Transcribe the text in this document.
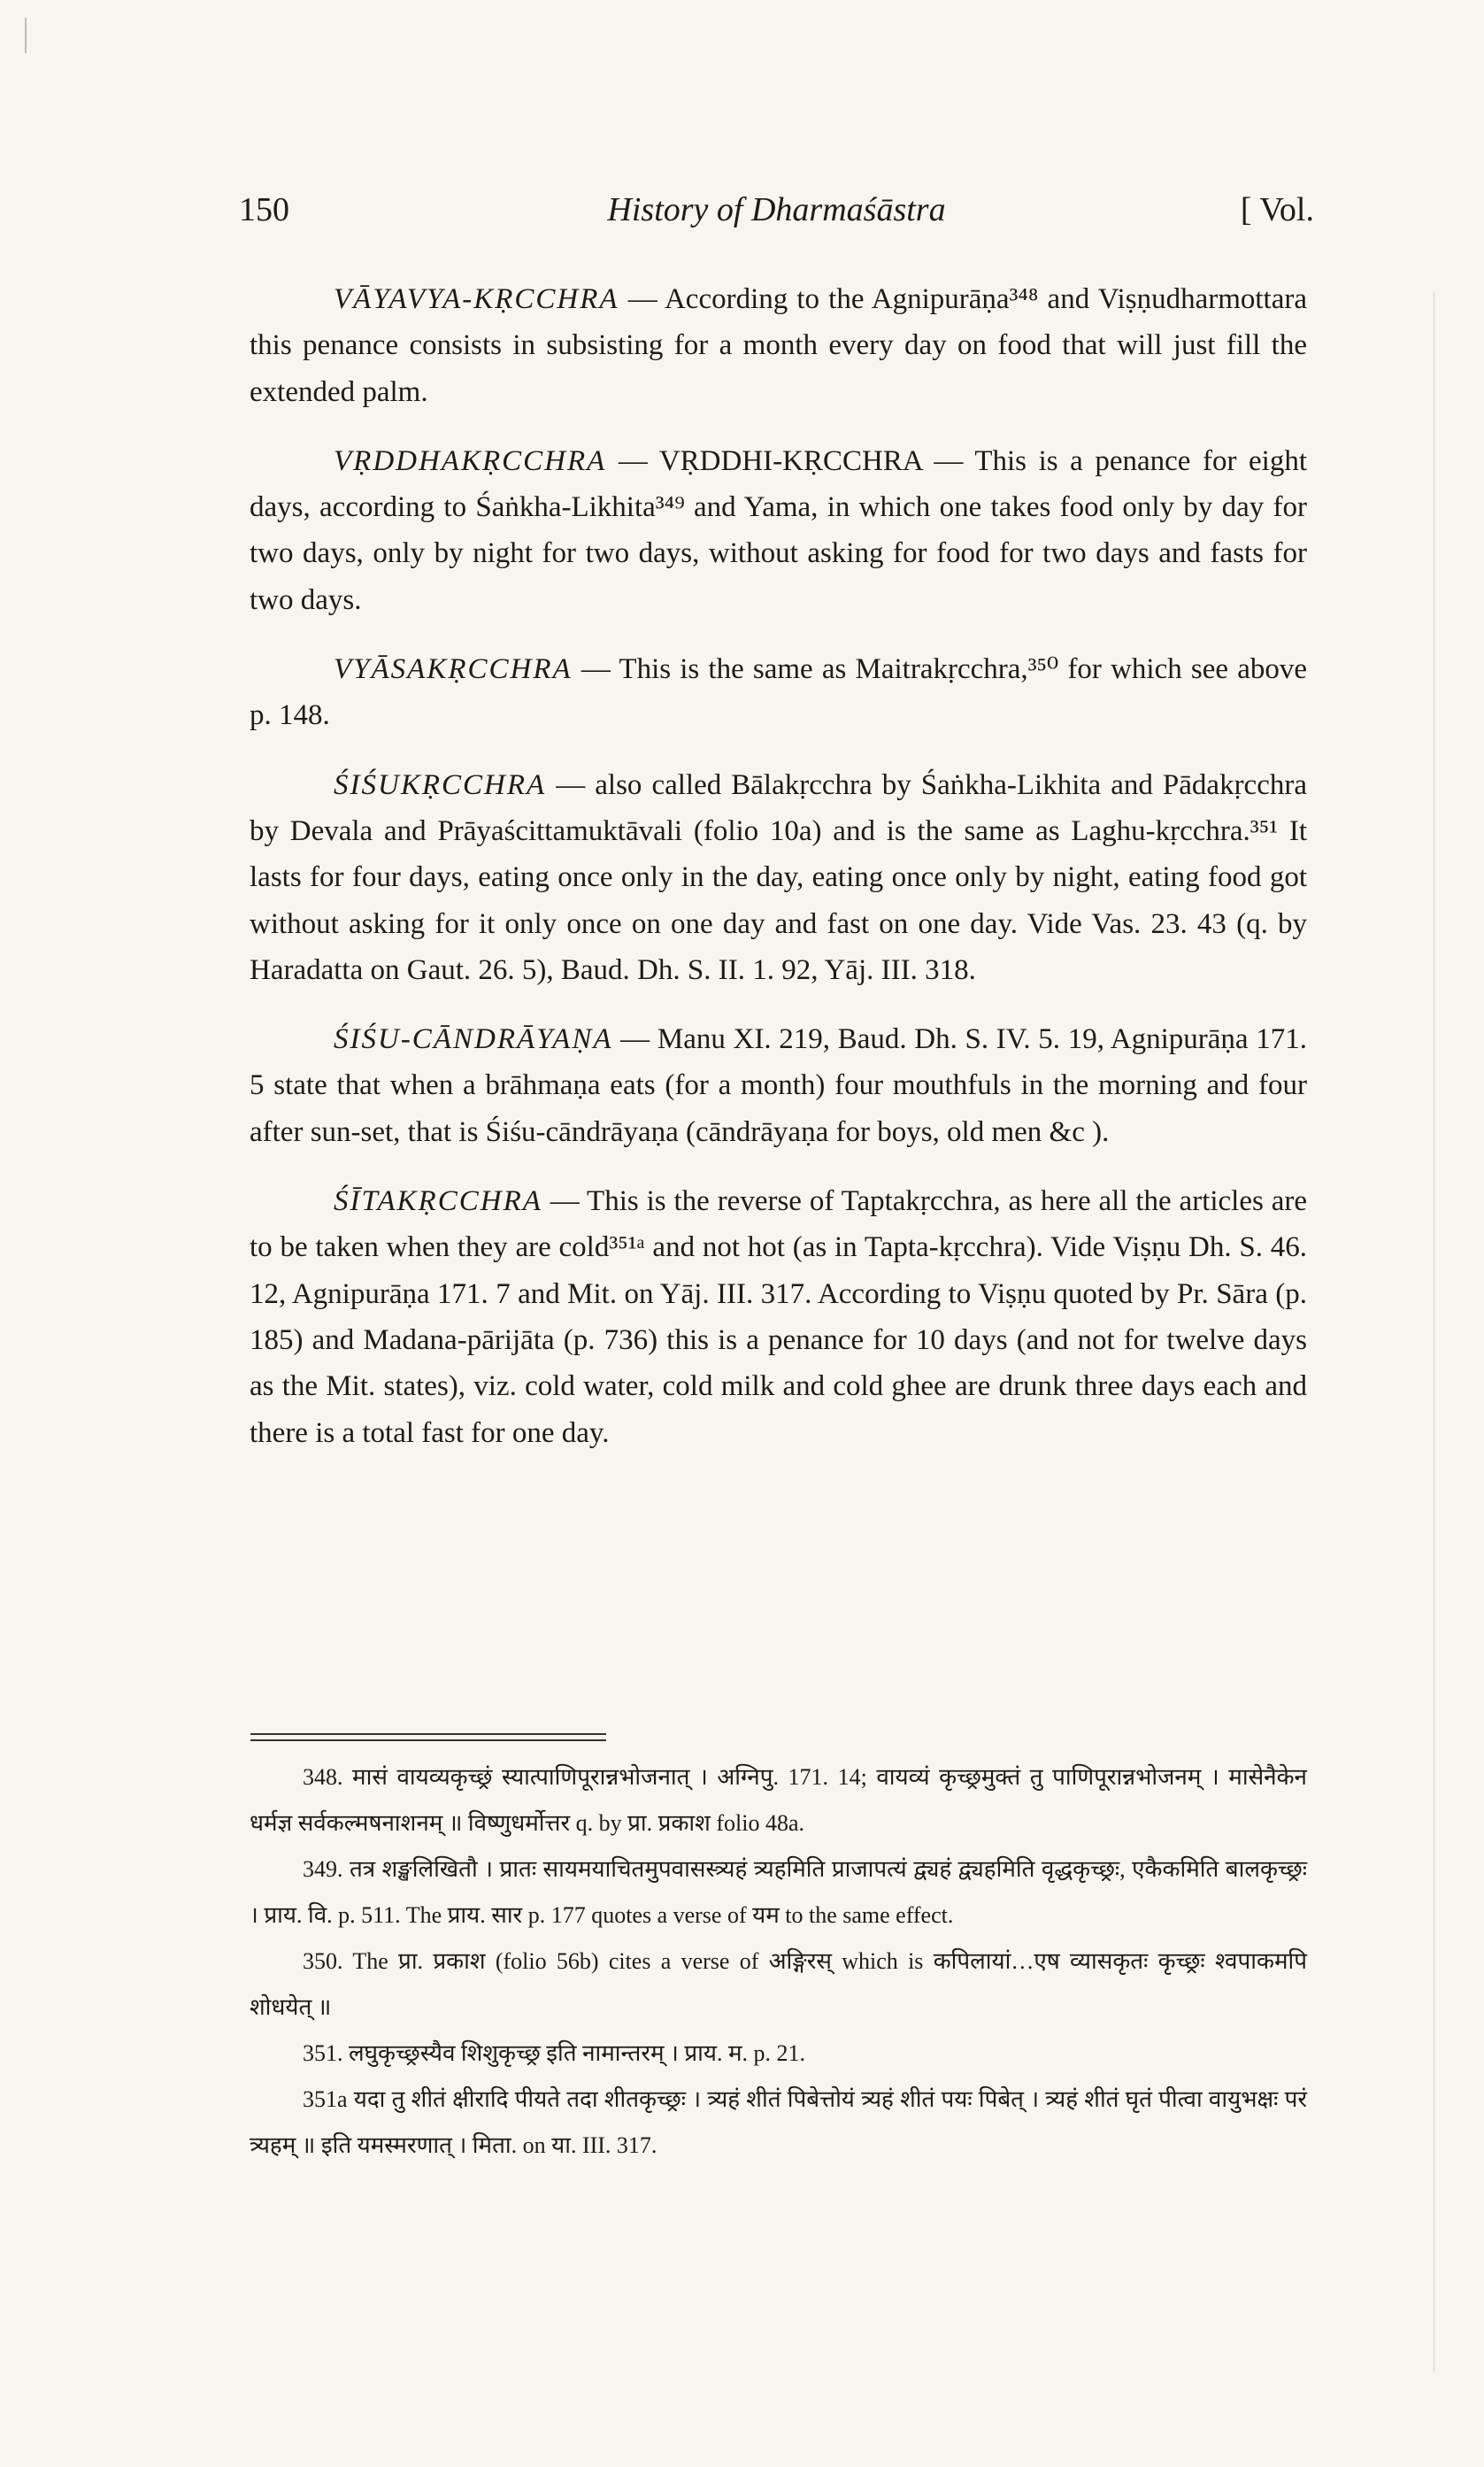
150	History of Dharmaśāstra	[ Vol.

VĀYAVYA-KṚCCHRA — According to the Agnipurāṇa³⁴⁸ and Viṣṇudharmottara this penance consists in subsisting for a month every day on food that will just fill the extended palm.

VṚDDHAKṚCCHRA — VṚDDHI-KṚCCHRA — This is a penance for eight days, according to Śaṅkha-Likhita³⁴⁹ and Yama, in which one takes food only by day for two days, only by night for two days, without asking for food for two days and fasts for two days.

VYĀSAKṚCCHRA — This is the same as Maitrakṛcchra,³⁵⁰ for which see above p. 148.

ŚIŚUKṚCCHRA — also called Bālakṛcchra by Śaṅkha-Likhita and Pādakṛcchra by Devala and Prāyaścittamuktāvali (folio 10a) and is the same as Laghu-kṛcchra.³⁵¹ It lasts for four days, eating once only in the day, eating once only by night, eating food got without asking for it only once on one day and fast on one day. Vide Vas. 23. 43 (q. by Haradatta on Gaut. 26. 5), Baud. Dh. S. II. 1. 92, Yāj. III. 318.

ŚIŚU-CĀNDRĀYAṆA — Manu XI. 219, Baud. Dh. S. IV. 5. 19, Agnipurāṇa 171. 5 state that when a brāhmaṇa eats (for a month) four mouthfuls in the morning and four after sun-set, that is Śiśu-cāndrāyaṇa (cāndrāyaṇa for boys, old men &c ).

ŚĪTAKṚCCHRA — This is the reverse of Taptakṛcchra, as here all the articles are to be taken when they are cold³⁵¹ᵃ and not hot (as in Tapta-kṛcchra). Vide Viṣṇu Dh. S. 46. 12, Agnipurāṇa 171. 7 and Mit. on Yāj. III. 317. According to Viṣṇu quoted by Pr. Sāra (p. 185) and Madana-pārijāta (p. 736) this is a penance for 10 days (and not for twelve days as the Mit. states), viz. cold water, cold milk and cold ghee are drunk three days each and there is a total fast for one day.

348. मासं वायव्यकृच्छ्रं स्यात्पाणिपूरान्नभोजनात् । अग्निपु. 171. 14; वायव्यं कृच्छ्रमुक्तं तु पाणिपूरान्नभोजनम् । मासेनैकेन धर्मज्ञ सर्वकल्मषनाशनम् ॥ विष्णुधर्मोत्तर q. by प्रा. प्रकाश folio 48a.

349. तत्र शङ्खलिखितौ । प्रातः सायमयाचितमुपवासस्त्र्यहं त्र्यहमिति प्राजापत्यं द्व्यहं द्व्यहमिति वृद्धकृच्छ्रः, एकैकमिति बालकृच्छ्रः । प्राय. वि. p. 511. The प्राय. सार p. 177 quotes a verse of यम to the same effect.

350. The प्रा. प्रकाश (folio 56b) cites a verse of अङ्गिरस् which is कपिलायां…एष व्यासकृतः कृच्छ्रः श्वपाकमपि शोधयेत् ॥

351. लघुकृच्छ्रस्यैव शिशुकृच्छ्र इति नामान्तरम् । प्राय. म. p. 21.

351a यदा तु शीतं क्षीरादि पीयते तदा शीतकृच्छ्रः । त्र्यहं शीतं पिबेत्तोयं त्र्यहं शीतं पयः पिबेत् । त्र्यहं शीतं घृतं पीत्वा वायुभक्षः परं त्र्यहम् ॥ इति यमस्मरणात् । मिता. on या. III. 317.
